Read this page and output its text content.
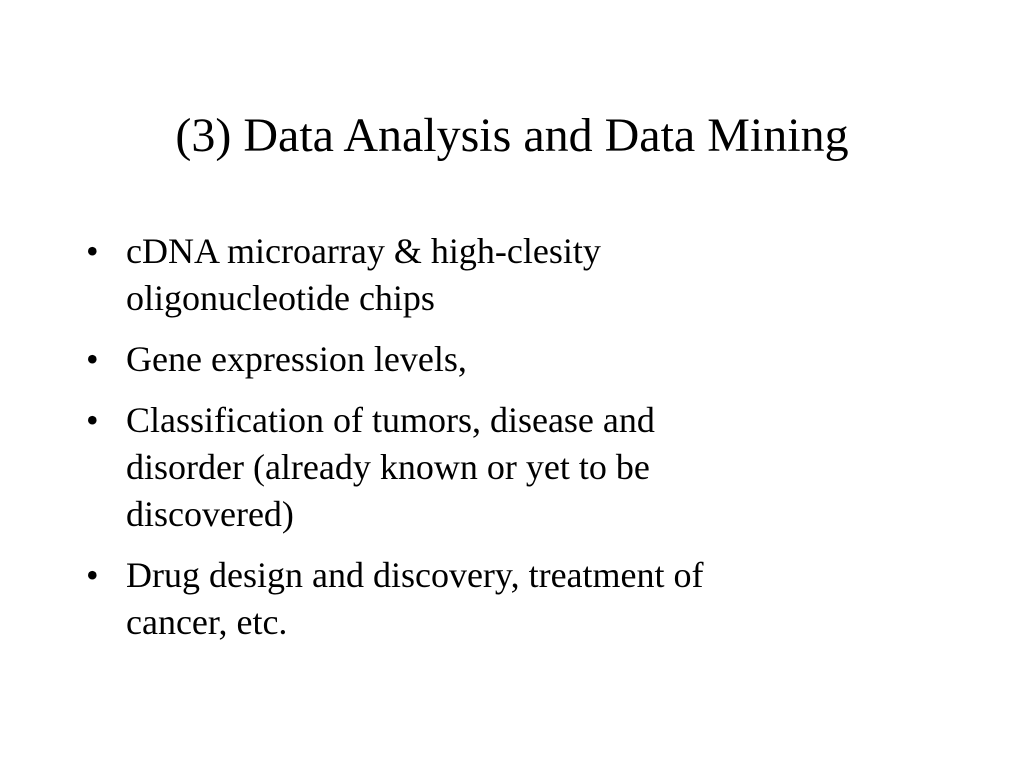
(3) Data Analysis and Data Mining
• cDNA microarray & high-clesity
oligonucleotide chips
• Gene expression levels,
• Classification of tumors, disease and
disorder (already known or yet to be
discovered)
• Drug design and discovery, treatment of
cancer, etc.
